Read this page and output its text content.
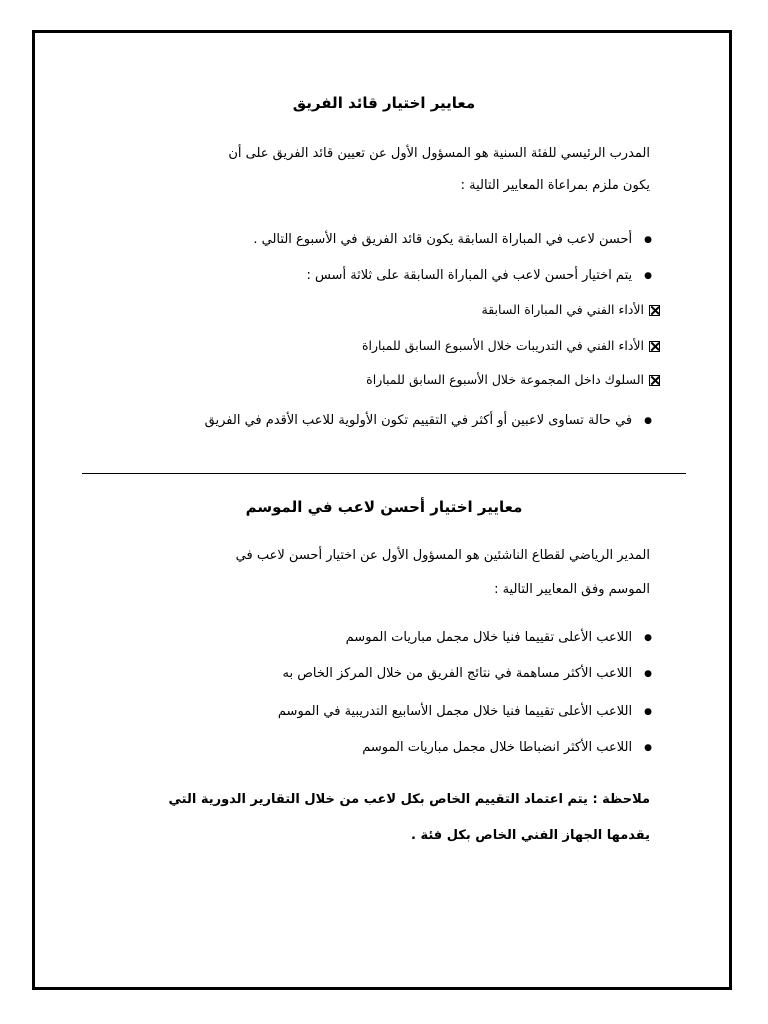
معايير اختيار قائد الفريق
المدرب الرئيسي للفئة السنية هو المسؤول الأول عن تعيين قائد الفريق على أن
يكون ملزم بمراعاة المعايير التالية :
● أحسن لاعب في المباراة السابقة يكون قائد الفريق في الأسبوع التالي .
● يتم اختيار أحسن لاعب في المباراة السابقة على ثلاثة أسس :
الأداء الفني في المباراة السابقة
الأداء الفني في التدريبات خلال الأسبوع السابق للمباراة
السلوك داخل المجموعة خلال الأسبوع السابق للمباراة
● في حالة تساوى لاعبين أو أكثر في التقييم تكون الأولوية للاعب الأقدم في الفريق
معايير اختيار أحسن لاعب في الموسم
المدير الرياضي لقطاع الناشئين هو المسؤول الأول عن اختيار أحسن لاعب في
الموسم وفق المعايير التالية :
● اللاعب الأعلى تقييما فنيا خلال مجمل مباريات الموسم
● اللاعب الأكثر مساهمة في نتائج الفريق من خلال المركز الخاص به
● اللاعب الأعلى تقييما فنيا خلال مجمل الأسابيع التدريبية في الموسم
● اللاعب الأكثر انضباطا خلال مجمل مباريات الموسم
ملاحظة : يتم اعتماد التقييم الخاص بكل لاعب من خلال التقارير الدورية التي
يقدمها الجهاز الفني الخاص بكل فئة .
